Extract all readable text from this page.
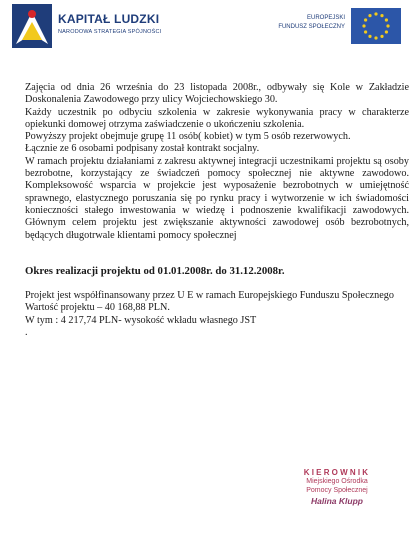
KAPITAŁ LUDZKI
NARODOWA STRATEGIA SPÓJNOŚCI
EUROPEJSKI
FUNDUSZ SPOŁECZNY

Zajęcia od dnia 26 września do 23 listopada 2008r., odbywały się Kole w Zakładzie Doskonalenia Zawodowego przy ulicy Wojciechowskiego 30.

Każdy uczestnik po odbyciu szkolenia w zakresie wykonywania pracy w charakterze opiekunki domowej otrzyma zaświadczenie o ukończeniu szkolenia.

Powyższy projekt obejmuje grupę 11 osób( kobiet) w tym 5 osób rezerwowych.

Łącznie ze 6 osobami podpisany został kontrakt socjalny.

W ramach projektu działaniami z zakresu aktywnej integracji uczestnikami projektu są osoby bezrobotne, korzystający ze świadczeń pomocy społecznej nie aktywne zawodowo. Kompleksowość wsparcia w projekcie jest wyposażenie bezrobotnych w umiejętność sprawnego, elastycznego poruszania się po rynku pracy i wytworzenie w ich świadomości konieczności stałego inwestowania w wiedzę i podnoszenie kwalifikacji zawodowych. Głównym celem projektu jest zwiększanie aktywności zawodowej osób bezrobotnych, będących długotrwale klientami pomocy społecznej

Okres realizacji projektu od 01.01.2008r. do 31.12.2008r.

Projekt jest współfinansowany przez U E w ramach Europejskiego Funduszu Społecznego

Wartość projektu – 40 168,88 PLN.

W tym : 4 217,74 PLN- wysokość wkładu własnego JST

.

KIEROWNIK
Miejskiego Ośrodka
Pomocy Społecznej
Halina Klupp
